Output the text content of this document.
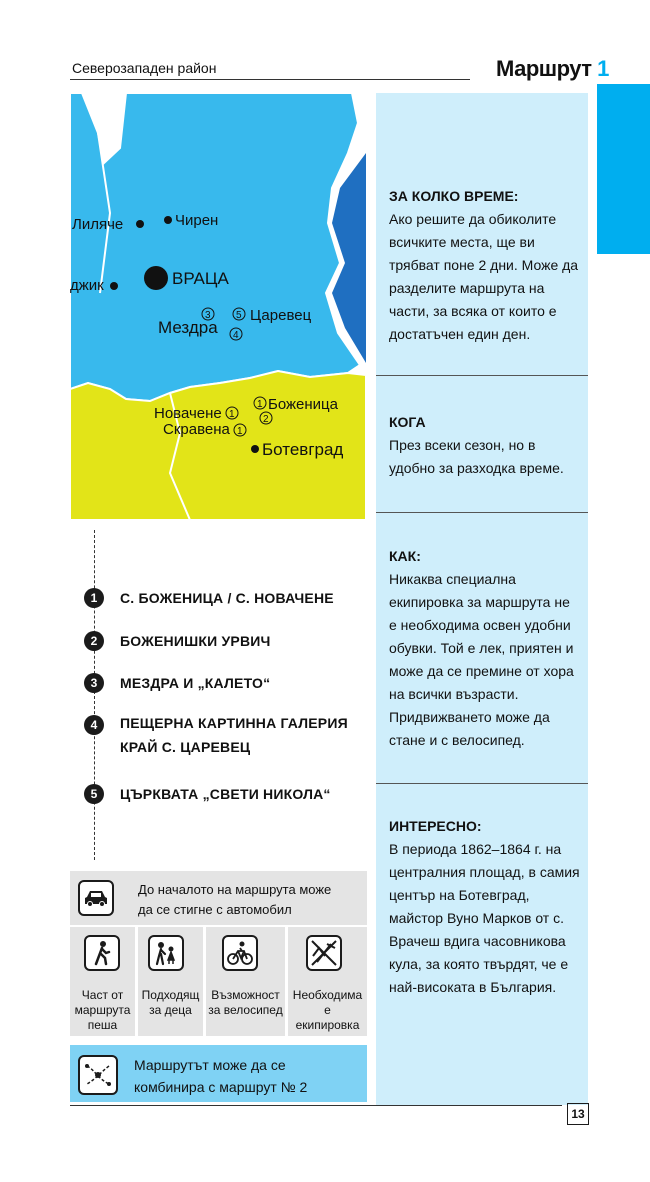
Северозападен район	Маршрут 1
Лиляче	Чирен
ВРАЦА
джик
3	5 Царевец
Мездра 4
1 Боженица
Новачене 1	2
Скравена 1
Ботевград

ЗА КОЛКО ВРЕМЕ:

Ако решите да обиколите всичките места, ще ви трябват поне 2 дни. Може да разделите маршрута на части, за всяка от които е достатъчен един ден.

КОГА

През всеки сезон, но в удобно за разходка време.

КАК:

Никаква специална екипировка за маршрута не е необходима освен удобни обувки. Той е лек, приятен и може да се премине от хора на всички възрасти. Придвижването може да стане и с велосипед.

ИНТЕРЕСНО:

В периода 1862–1864 г. на централния площад, в самия център на Ботевград, майстор Вуно Марков от с. Врачеш вдига часовникова кула, за която твърдят, че е най-високата в България.

1	С. БОЖЕНИЦА / С. НОВАЧЕНЕ
2	БОЖЕНИШКИ УРВИЧ
3	МЕЗДРА И „КАЛЕТО“
4	ПЕЩЕРНА КАРТИННА ГАЛЕРИЯ
КРАЙ С. ЦАРЕВЕЦ
5	ЦЪРКВАТА „СВЕТИ НИКОЛА“
До началото на маршрута може
да се стигне с автомобил
Част от
маршрута
пеша
Подходящ
за деца
Възможност
за велосипед
Необходима е
екипировка
Маршрутът може да се
комбинира с маршрут № 2
13
